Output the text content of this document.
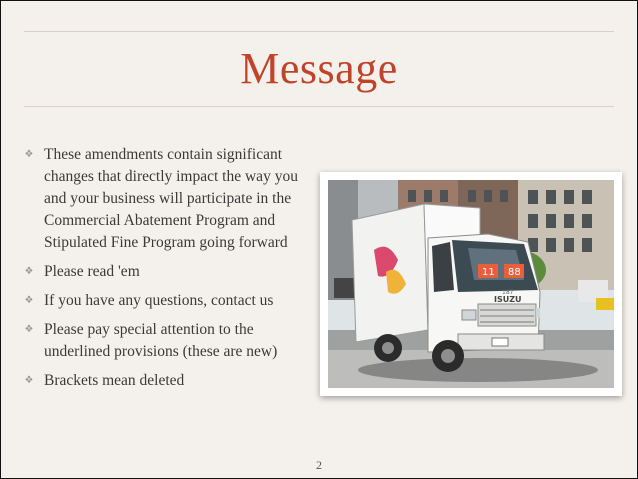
Message
❖ These amendments contain significant changes that directly impact the way you and your business will participate in the Commercial Abatement Program and Stipulated Fine Program going forward
❖ Please read 'em
❖ If you have any questions, contact us
❖ Please pay special attention to the underlined provisions (these are new)
❖ Brackets mean deleted
11 88
ISUZU
187
2
